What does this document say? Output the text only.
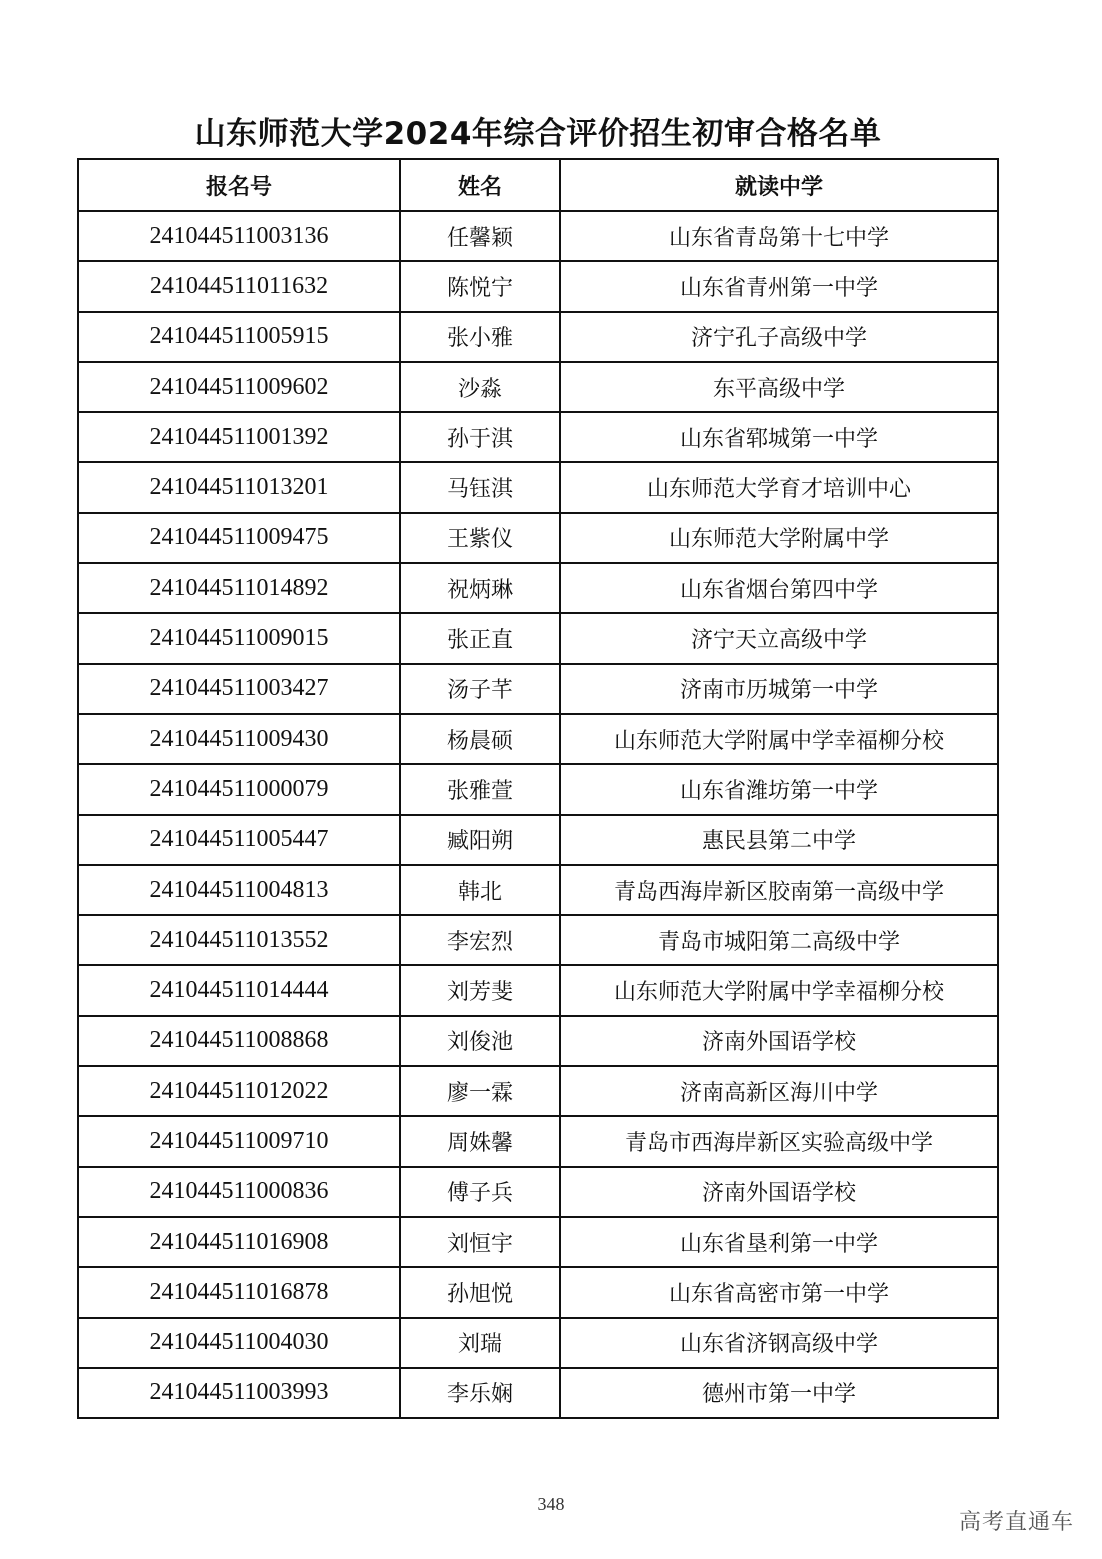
山东师范大学2024年综合评价招生初审合格名单
报名号	姓名	就读中学
241044511003136	任馨颖	山东省青岛第十七中学
241044511011632	陈悦宁	山东省青州第一中学
241044511005915	张小雅	济宁孔子高级中学
241044511009602	沙淼	东平高级中学
241044511001392	孙于淇	山东省郓城第一中学
241044511013201	马钰淇	山东师范大学育才培训中心
241044511009475	王紫仪	山东师范大学附属中学
241044511014892	祝炳琳	山东省烟台第四中学
241044511009015	张正直	济宁天立高级中学
241044511003427	汤子芊	济南市历城第一中学
241044511009430	杨晨硕	山东师范大学附属中学幸福柳分校
241044511000079	张雅萱	山东省潍坊第一中学
241044511005447	臧阳朔	惠民县第二中学
241044511004813	韩北	青岛西海岸新区胶南第一高级中学
241044511013552	李宏烈	青岛市城阳第二高级中学
241044511014444	刘芳斐	山东师范大学附属中学幸福柳分校
241044511008868	刘俊池	济南外国语学校
241044511012022	廖一霖	济南高新区海川中学
241044511009710	周姝馨	青岛市西海岸新区实验高级中学
241044511000836	傅子兵	济南外国语学校
241044511016908	刘恒宇	山东省垦利第一中学
241044511016878	孙旭悦	山东省高密市第一中学
241044511004030	刘瑞	山东省济钢高级中学
241044511003993	李乐娴	德州市第一中学
348
高考直通车
